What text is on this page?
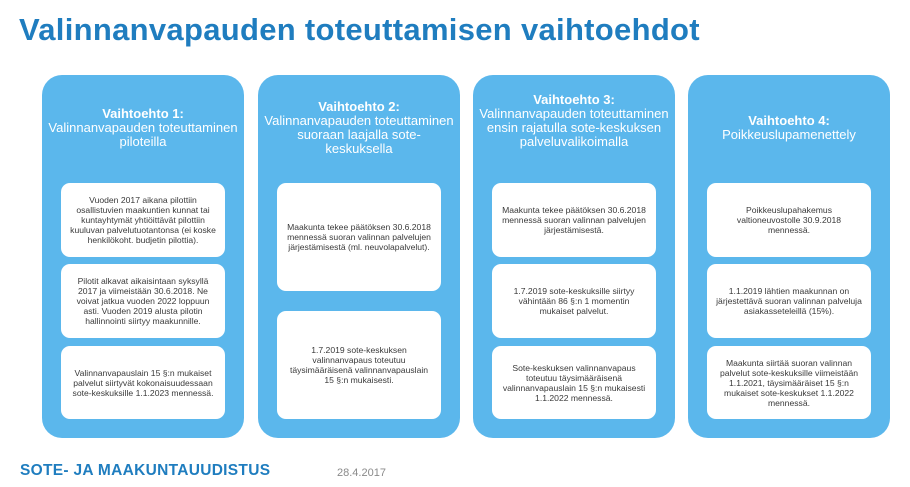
Valinnanvapauden toteuttamisen vaihtoehdot
Vaihtoehto 1:
Valinnanvapauden toteuttaminen piloteilla
Vuoden 2017 aikana pilottiin osallistuvien maakuntien kunnat tai kuntayhtymät yhtiöittävät pilottiin kuuluvan palvelutuotantonsa (ei koske henkilökoht. budjetin pilottia).
Pilotit alkavat aikaisintaan syksyllä 2017 ja viimeistään 30.6.2018. Ne voivat jatkua vuoden 2022 loppuun asti. Vuoden 2019 alusta pilotin hallinnointi siirtyy maakunnille.
Valinnanvapauslain 15 §:n mukaiset palvelut siirtyvät kokonaisuudessaan sote-keskuksille 1.1.2023 mennessä.
Vaihtoehto 2:
Valinnanvapauden toteuttaminen suoraan laajalla sote-keskuksella
Maakunta tekee päätöksen 30.6.2018 mennessä suoran valinnan palvelujen järjestämisestä (ml. neuvolapalvelut).
1.7.2019 sote-keskuksen valinnanvapaus toteutuu täysimääräisenä valinnanvapauslain 15 §:n mukaisesti.
Vaihtoehto 3:
Valinnanvapauden toteuttaminen ensin rajatulla sote-keskuksen palveluvalikoimalla
Maakunta tekee päätöksen 30.6.2018 mennessä suoran valinnan palvelujen järjestämisestä.
1.7.2019 sote-keskuksille siirtyy vähintään 86 §:n 1 momentin mukaiset palvelut.
Sote-keskuksen valinnanvapaus toteutuu täysimääräisenä valinnanvapauslain 15 §:n mukaisesti 1.1.2022 mennessä.
Vaihtoehto 4:
Poikkeuslupamenettely
Poikkeuslupahakemus valtioneuvostolle 30.9.2018 mennessä.
1.1.2019 lähtien maakunnan on järjestettävä suoran valinnan palveluja asiakasseteleillä (15%).
Maakunta siirtää suoran valinnan palvelut sote-keskuksille viimeistään 1.1.2021, täysimääräiset 15 §:n mukaiset sote-keskukset 1.1.2022 mennessä.
SOTE- JA MAAKUNTAUUDISTUS	28.4.2017
